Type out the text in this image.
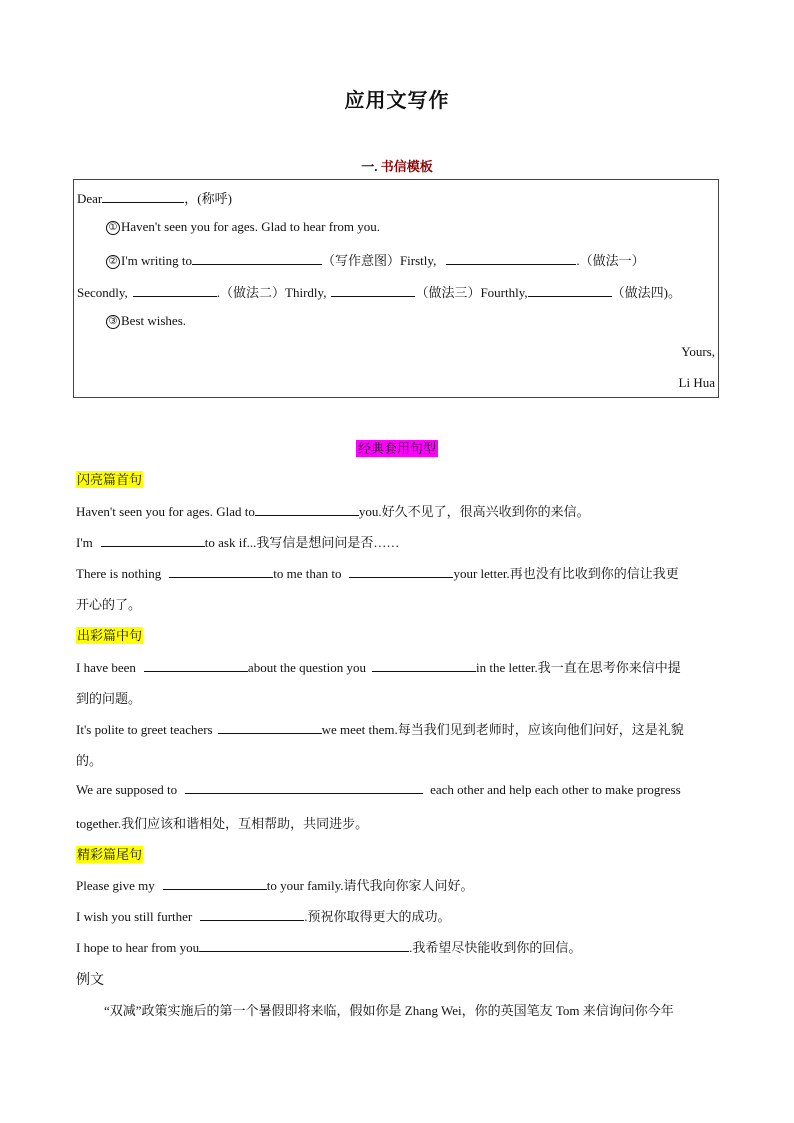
应用文写作
一. 书信模板
Dear	，(称呼)
① Haven't seen you for ages. Glad to hear from you.
② I'm writing to	（写作意图）Firstly,	.（做法一）
Secondly,	.（做法二）Thirdly,	（做法三）Fourthly,	（做法四)。
③ Best wishes.
Yours,
Li Hua
经典套用句型
闪亮篇首句
Haven't seen you for ages. Glad to	you.好久不见了，很高兴收到你的来信。
I'm	to ask if...我写信是想问问是否……
There is nothing	to me than to	your letter.再也没有比收到你的信让我更
开心的了。
出彩篇中句
I have been	about the question you	in the letter.我一直在思考你来信中提
到的问题。
It's polite to greet teachers	we meet them.每当我们见到老师时，应该向他们问好，这是礼貌
的。
We are supposed to	each other and help each other to make progress
together.我们应该和谐相处，互相帮助，共同进步。
精彩篇尾句
Please give my	to your family.请代我向你家人问好。
I wish you still further	.预祝你取得更大的成功。
I hope to hear from you	.我希望尽快能收到你的回信。
例文
“双减”政策实施后的第一个暑假即将来临，假如你是 Zhang Wei，你的英国笔友 Tom 来信询问你今年
